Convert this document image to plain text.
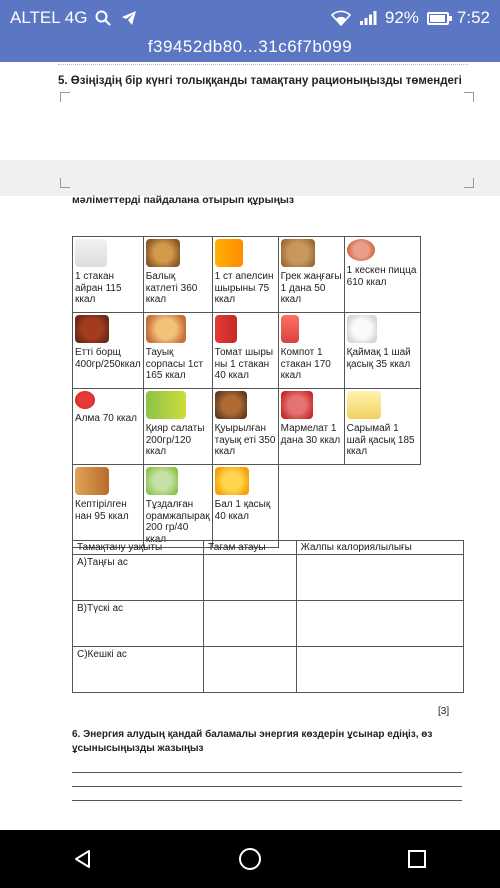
ALTEL 4G	92% 7:52
f39452db80...31c6f7b099
5. Өзіңіздің бір күнгі толыққанды тамақтану рационыңызды төмендегі
мәліметтерді пайдалана отырып құрыңыз
1 стакан айран 115 ккал	Балық катлеті 360 ккал	1 ст апелсин шырыны 75 ккал	Грек жаңғағы 1 дана 50 ккал	1 кескен пицца 610 ккал

Етті борщ 400гр/250ккал	Тауық сорпасы 1ст 165 ккал	Томат шыры ны 1 стакан 40 ккал	Компот 1 стакан 170 ккал	Қаймақ 1 шай қасық 35 ккал

Алма 70 ккал	Қияр салаты 200гр/120 ккал	Қуырылған тауық еті 350 ккал	Мармелат 1 дана 30 ккал	Сарымай 1 шай қасық 185 ккал

Кептірілген нан 95 ккал	Тұздалған орамжапырақ 200 гр/40 ккал	Бал 1 қасық 40 ккал		

Тамақтану уақыты	Тағам атауы	Жалпы калориялылығы
А)Таңғы ас		
В)Түскі ас		
С)Кешкі ас		
[3]
6. Энергия алудың қандай баламалы энергия көздерін ұсынар едіңіз, өз ұсынысыңызды жазыңыз
